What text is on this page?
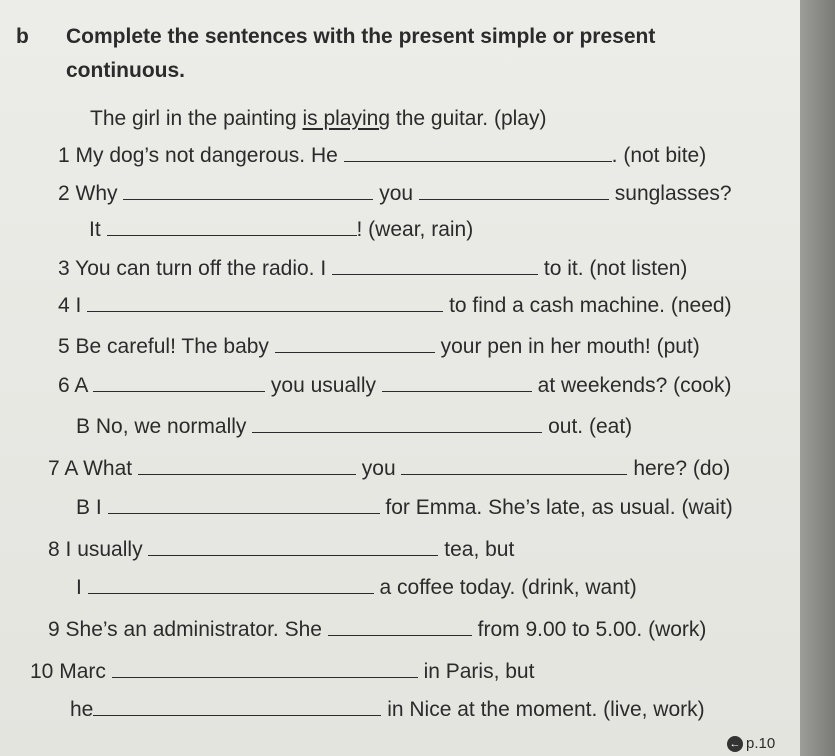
b Complete the sentences with the present simple or present
continuous.
The girl in the painting is playing the guitar. (play)
1 My dog’s not dangerous. He	. (not bite)
2 Why	you	sunglasses?
It	! (wear, rain)
3 You can turn off the radio. I	to it. (not listen)
4 I	to find a cash machine. (need)
5 Be careful! The baby	your pen in her mouth! (put)
6 A	you usually	at weekends? (cook)
B No, we normally	out. (eat)
7 A What	you	here? (do)
B I	for Emma. She’s late, as usual. (wait)
8 I usually	tea, but
I	a coffee today. (drink, want)
9 She’s an administrator. She	from 9.00 to 5.00. (work)
10 Marc	in Paris, but
he	in Nice at the moment. (live, work)
← p.10
